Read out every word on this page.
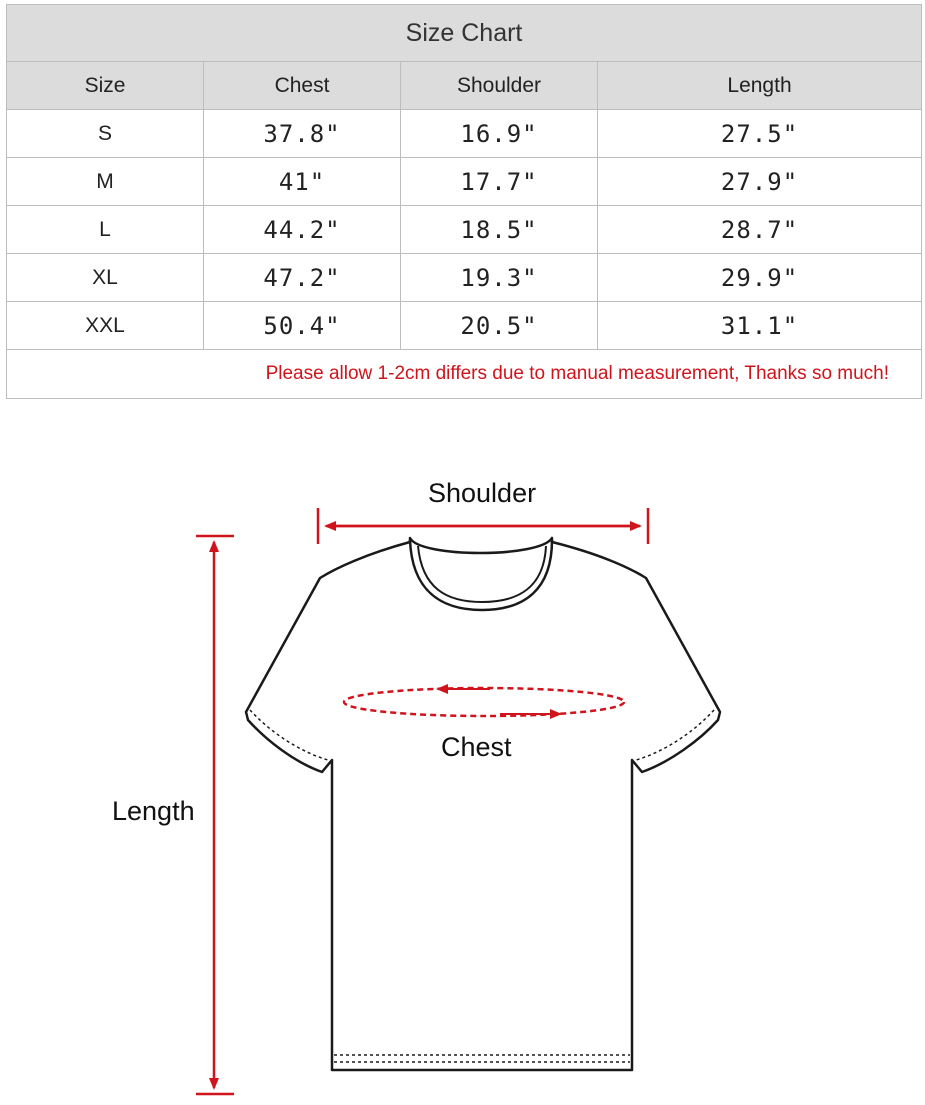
Size Chart			
Size	Chest	Shoulder	Length
S	37.8"	16.9"	27.5"
M	41"	17.7"	27.9"
L	44.2"	18.5"	28.7"
XL	47.2"	19.3"	29.9"
XXL	50.4"	20.5"	31.1"
Please allow 1-2cm differs due to manual measurement, Thanks so much!			
Shoulder
Chest
Length
